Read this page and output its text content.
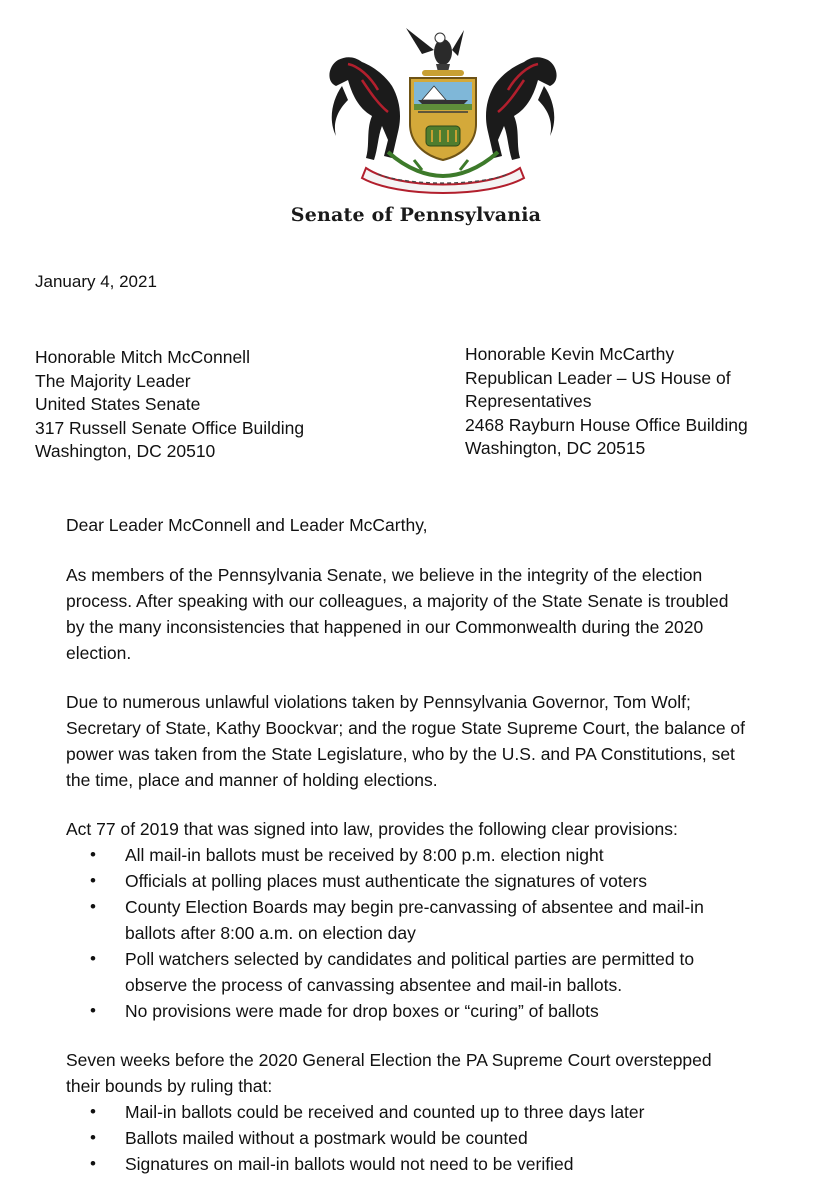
Senate of Pennsylvania
January 4, 2021
Honorable Mitch McConnell
The Majority Leader
United States Senate
317 Russell Senate Office Building
Washington, DC 20510
Honorable Kevin McCarthy
Republican Leader – US House of
Representatives
2468 Rayburn House Office Building
Washington, DC 20515
Dear Leader McConnell and Leader McCarthy,
As members of the Pennsylvania Senate, we believe in the integrity of the election
process. After speaking with our colleagues, a majority of the State Senate is troubled
by the many inconsistencies that happened in our Commonwealth during the 2020
election.
Due to numerous unlawful violations taken by Pennsylvania Governor, Tom Wolf;
Secretary of State, Kathy Boockvar; and the rogue State Supreme Court, the balance of
power was taken from the State Legislature, who by the U.S. and PA Constitutions, set
the time, place and manner of holding elections.
Act 77 of 2019 that was signed into law, provides the following clear provisions:
• All mail-in ballots must be received by 8:00 p.m. election night
• Officials at polling places must authenticate the signatures of voters
• County Election Boards may begin pre-canvassing of absentee and mail-in
ballots after 8:00 a.m. on election day
• Poll watchers selected by candidates and political parties are permitted to
observe the process of canvassing absentee and mail-in ballots.
• No provisions were made for drop boxes or “curing” of ballots
Seven weeks before the 2020 General Election the PA Supreme Court overstepped
their bounds by ruling that:
• Mail-in ballots could be received and counted up to three days later
• Ballots mailed without a postmark would be counted
• Signatures on mail-in ballots would not need to be verified
